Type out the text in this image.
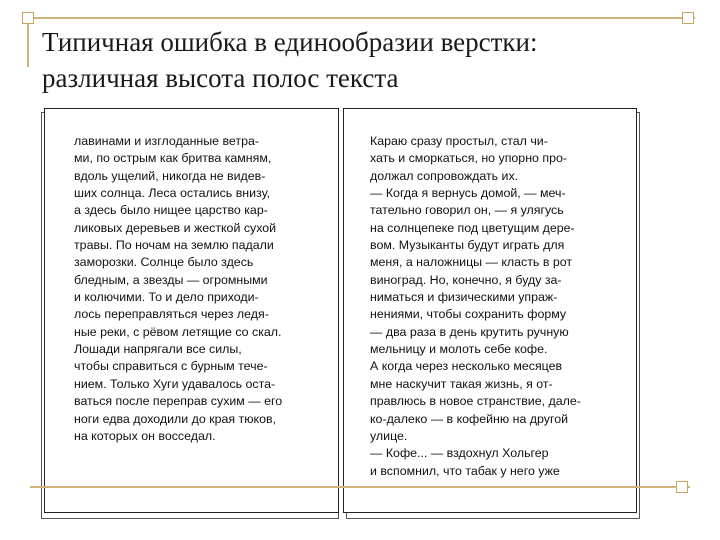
Типичная ошибка в единообразии верстки:
различная высота полос текста
лавинами и изглоданные ветра-
ми, по острым как бритва камням,
вдоль ущелий, никогда не видев-
ших солнца. Леса остались внизу,
а здесь было нищее царство кар-
ликовых деревьев и жесткой сухой
травы. По ночам на землю падали
заморозки. Солнце было здесь
бледным, а звезды — огромными
и колючими. То и дело приходи-
лось переправляться через ледя-
ные реки, с рёвом летящие со скал.
Лошади напрягали все силы,
чтобы справиться с бурным тече-
нием. Только Хуги удавалось оста-
ваться после переправ сухим — его
ноги едва доходили до края тюков,
на которых он восседал.
Караю сразу простыл, стал чи-
хать и сморкаться, но упорно про-
должал сопровождать их.
— Когда я вернусь домой, — меч-
тательно говорил он, — я улягусь
на солнцепеке под цветущим дере-
вом. Музыканты будут играть для
меня, а наложницы — класть в рот
виноград. Но, конечно, я буду за-
ниматься и физическими упраж-
нениями, чтобы сохранить форму
— два раза в день крутить ручную
мельницу и молоть себе кофе.
А когда через несколько месяцев
мне наскучит такая жизнь, я от-
правлюсь в новое странствие, дале-
ко-далеко — в кофейню на другой
улице.
— Кофе... — вздохнул Хольгер
и вспомнил, что табак у него уже
